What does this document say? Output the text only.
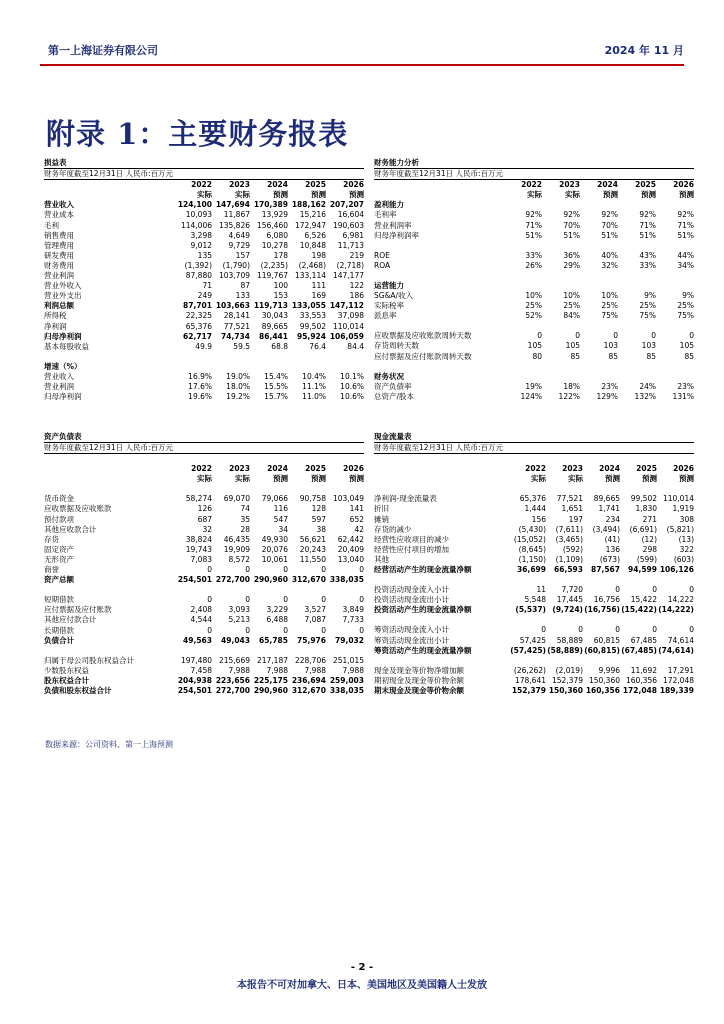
第一上海证券有限公司	2024 年 11 月
附录 1：主要财务报表
损益表
财务年度截至12月31日 人民币:百万元
	2022	2023	2024	2025	2026
	实际	实际	预测	预测	预测
营业收入	124,100	147,694	170,389	188,162	207,207
营业成本	10,093	11,867	13,929	15,216	16,604
毛利	114,006	135,826	156,460	172,947	190,603
销售费用	3,298	4,649	6,080	6,526	6,981
管理费用	9,012	9,729	10,278	10,848	11,713
研发费用	135	157	178	198	219
财务费用	(1,392)	(1,790)	(2,235)	(2,468)	(2,718)
营业利润	87,880	103,709	119,767	133,114	147,177
营业外收入	71	87	100	111	122
营业外支出	249	133	153	169	186
利润总额	87,701	103,663	119,713	133,055	147,112
所得税	22,325	28,141	30,043	33,553	37,098
净利润	65,376	77,521	89,665	99,502	110,014
归母净利润	62,717	74,734	86,441	95,924	106,059
基本每股收益	49.9	59.5	68.8	76.4	84.4

增速（%）					
营业收入	16.9%	19.0%	15.4%	10.4%	10.1%
营业利润	17.6%	18.0%	15.5%	11.1%	10.6%
归母净利润	19.6%	19.2%	15.7%	11.0%	10.6%
财务能力分析
财务年度截至12月31日 人民币:百万元
	2022	2023	2024	2025	2026
	实际	实际	预测	预测	预测
盈利能力					
毛利率	92%	92%	92%	92%	92%
营业利润率	71%	70%	70%	71%	71%
归母净利润率	51%	51%	51%	51%	51%

ROE	33%	36%	40%	43%	44%
ROA	26%	29%	32%	33%	34%

运营能力					
SG&A/收入	10%	10%	10%	9%	9%
实际税率	25%	25%	25%	25%	25%
派息率	52%	84%	75%	75%	75%

应收票据及应收账款周转天数	0	0	0	0	0
存货周转天数	105	105	103	103	105
应付票据及应付账款周转天数	80	85	85	85	85

财务状况					
资产负债率	19%	18%	23%	24%	23%
总资产/股本	124%	122%	129%	132%	131%
资产负债表
财务年度截至12月31日 人民币:百万元

	2022	2023	2024	2025	2026
	实际	实际	预测	预测	预测

货币资金	58,274	69,070	79,066	90,758	103,049
应收票据及应收账款	126	74	116	128	141
预付款项	687	35	547	597	652
其他应收款合计	32	28	34	38	42
存货	38,824	46,435	49,930	56,621	62,442
固定资产	19,743	19,909	20,076	20,243	20,409
无形资产	7,083	8,572	10,061	11,550	13,040
商誉	0	0	0	0	0
资产总额	254,501	272,700	290,960	312,670	338,035

短期借款	0	0	0	0	0
应付票据及应付账款	2,408	3,093	3,229	3,527	3,849
其他应付款合计	4,544	5,213	6,488	7,087	7,733
长期借款	0	0	0	0	0
负债合计	49,563	49,043	65,785	75,976	79,032

归属于母公司股东权益合计	197,480	215,669	217,187	228,706	251,015
少数股东权益	7,458	7,988	7,988	7,988	7,988
股东权益合计	204,938	223,656	225,175	236,694	259,003
负债和股东权益合计	254,501	272,700	290,960	312,670	338,035
现金流量表
财务年度截至12月31日 人民币:百万元

	2022	2023	2024	2025	2026
	实际	实际	预测	预测	预测

净利润-现金流量表	65,376	77,521	89,665	99,502	110,014
折旧	1,444	1,651	1,741	1,830	1,919
摊销	156	197	234	271	308
存货的减少	(5,430)	(7,611)	(3,494)	(6,691)	(5,821)
经营性应收项目的减少	(15,052)	(3,465)	(41)	(12)	(13)
经营性应付项目的增加	(8,645)	(592)	136	298	322
其他	(1,150)	(1,109)	(673)	(599)	(603)
经营活动产生的现金流量净额	36,699	66,593	87,567	94,599	106,126

投资活动现金流入小计	11	7,720	0	0	0
投资活动现金流出小计	5,548	17,445	16,756	15,422	14,222
投资活动产生的现金流量净额	(5,537)	(9,724)	(16,756)	(15,422)	(14,222)

筹资活动现金流入小计	0	0	0	0	0
筹资活动现金流出小计	57,425	58,889	60,815	67,485	74,614
筹资活动产生的现金流量净额	(57,425)	(58,889)	(60,815)	(67,485)	(74,614)

现金及现金等价物净增加额	(26,262)	(2,019)	9,996	11,692	17,291
期初现金及现金等价物余额	178,641	152,379	150,360	160,356	172,048
期末现金及现金等价物余额	152,379	150,360	160,356	172,048	189,339
数据来源：公司资料、第一上海预测
- 2 -
本报告不可对加拿大、日本、美国地区及美国籍人士发放
